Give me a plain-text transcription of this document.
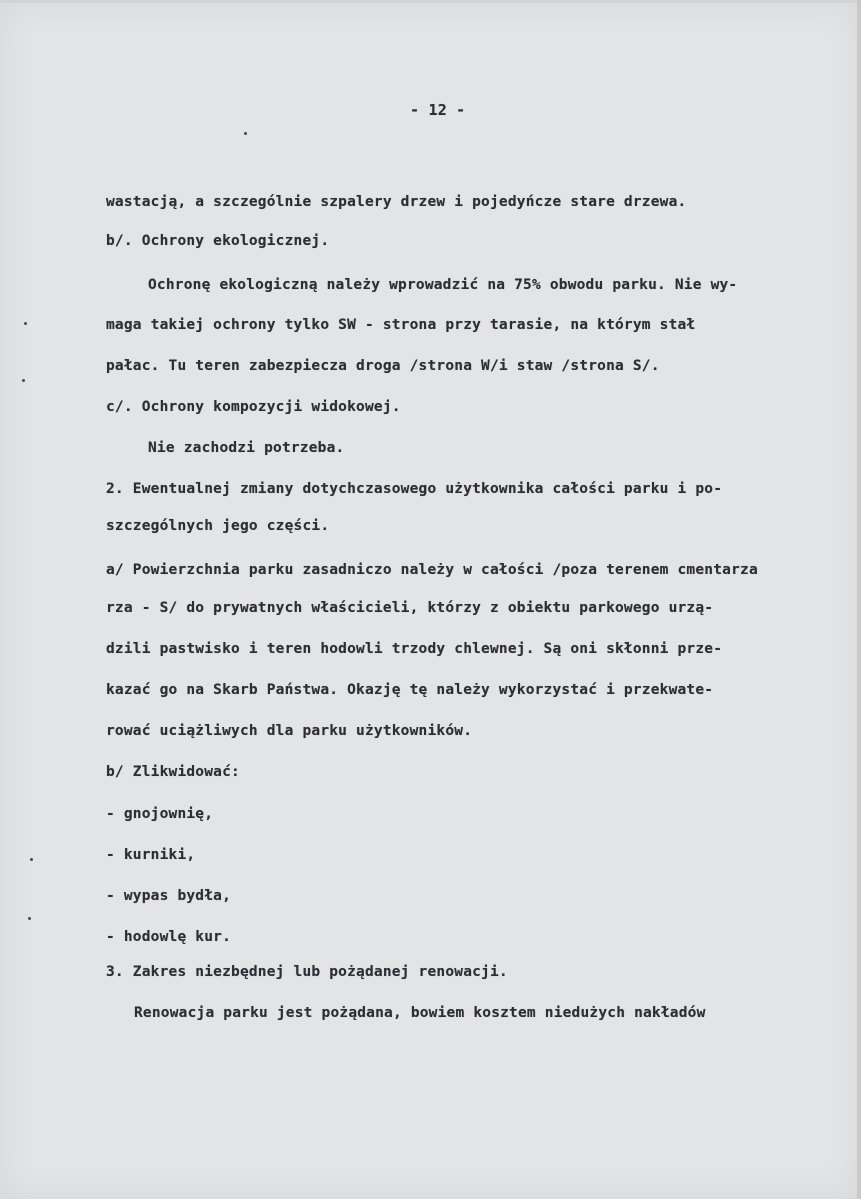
- 12 -
wastacją, a szczególnie szpalery drzew i pojedyńcze stare drzewa.
b/. Ochrony ekologicznej.
Ochronę ekologiczną należy wprowadzić na 75% obwodu parku. Nie wy-
maga takiej ochrony tylko SW - strona przy tarasie, na którym stał
pałac. Tu teren zabezpiecza droga /strona W/i staw /strona S/.
c/. Ochrony kompozycji widokowej.
Nie zachodzi potrzeba.
2. Ewentualnej zmiany dotychczasowego użytkownika całości parku i po-
szczególnych jego części.
a/ Powierzchnia parku zasadniczo należy w całości /poza terenem cmentarza
rza - S/ do prywatnych właścicieli, którzy z obiektu parkowego urzą-
dzili pastwisko i teren hodowli trzody chlewnej. Są oni skłonni prze-
kazać go na Skarb Państwa. Okazję tę należy wykorzystać i przekwate-
rować uciążliwych dla parku użytkowników.
b/ Zlikwidować:
- gnojownię,
- kurniki,
- wypas bydła,
- hodowlę kur.
3. Zakres niezbędnej lub pożądanej renowacji.
Renowacja parku jest pożądana, bowiem kosztem niedużych nakładów
